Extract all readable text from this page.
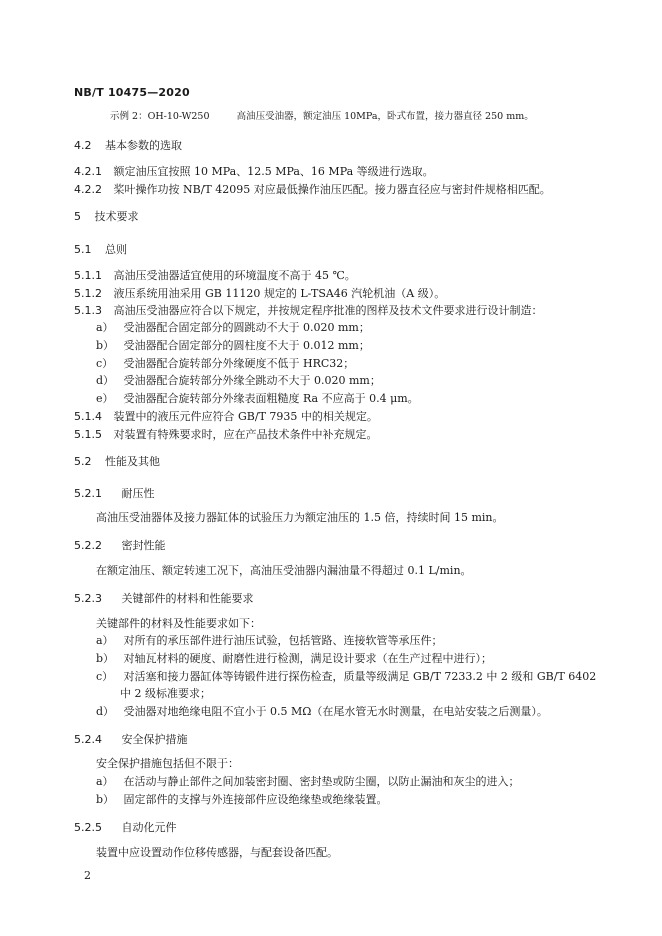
NB/T 10475—2020
示例 2：OH-10-W250	高油压受油器，额定油压 10MPa，卧式布置，接力器直径 250 mm。
4.2 基本参数的选取
4.2.1 额定油压宜按照 10 MPa、12.5 MPa、16 MPa 等级进行选取。
4.2.2 桨叶操作功按 NB/T 42095 对应最低操作油压匹配。接力器直径应与密封件规格相匹配。
5 技术要求
5.1 总则
5.1.1 高油压受油器适宜使用的环境温度不高于 45 ℃。
5.1.2 液压系统用油采用 GB 11120 规定的 L-TSA46 汽轮机油（A 级）。
5.1.3 高油压受油器应符合以下规定，并按规定程序批准的图样及技术文件要求进行设计制造：
a） 受油器配合固定部分的圆跳动不大于 0.020 mm；
b） 受油器配合固定部分的圆柱度不大于 0.012 mm；
c） 受油器配合旋转部分外缘硬度不低于 HRC32；
d） 受油器配合旋转部分外缘全跳动不大于 0.020 mm；
e） 受油器配合旋转部分外缘表面粗糙度 Ra 不应高于 0.4 μm。
5.1.4 装置中的液压元件应符合 GB/T 7935 中的相关规定。
5.1.5 对装置有特殊要求时，应在产品技术条件中补充规定。
5.2 性能及其他
5.2.1 耐压性
高油压受油器体及接力器缸体的试验压力为额定油压的 1.5 倍，持续时间 15 min。
5.2.2 密封性能
在额定油压、额定转速工况下，高油压受油器内漏油量不得超过 0.1 L/min。
5.2.3 关键部件的材料和性能要求
关键部件的材料及性能要求如下：
a） 对所有的承压部件进行油压试验，包括管路、连接软管等承压件；
b） 对轴瓦材料的硬度、耐磨性进行检测，满足设计要求（在生产过程中进行）；
c） 对活塞和接力器缸体等铸锻件进行探伤检查，质量等级满足 GB/T 7233.2 中 2 级和 GB/T 6402
中 2 级标准要求；
d） 受油器对地绝缘电阻不宜小于 0.5 MΩ（在尾水管无水时测量，在电站安装之后测量）。
5.2.4 安全保护措施
安全保护措施包括但不限于：
a） 在活动与静止部件之间加装密封圈、密封垫或防尘圈，以防止漏油和灰尘的进入；
b） 固定部件的支撑与外连接部件应设绝缘垫或绝缘装置。
5.2.5 自动化元件
装置中应设置动作位移传感器，与配套设备匹配。
2
